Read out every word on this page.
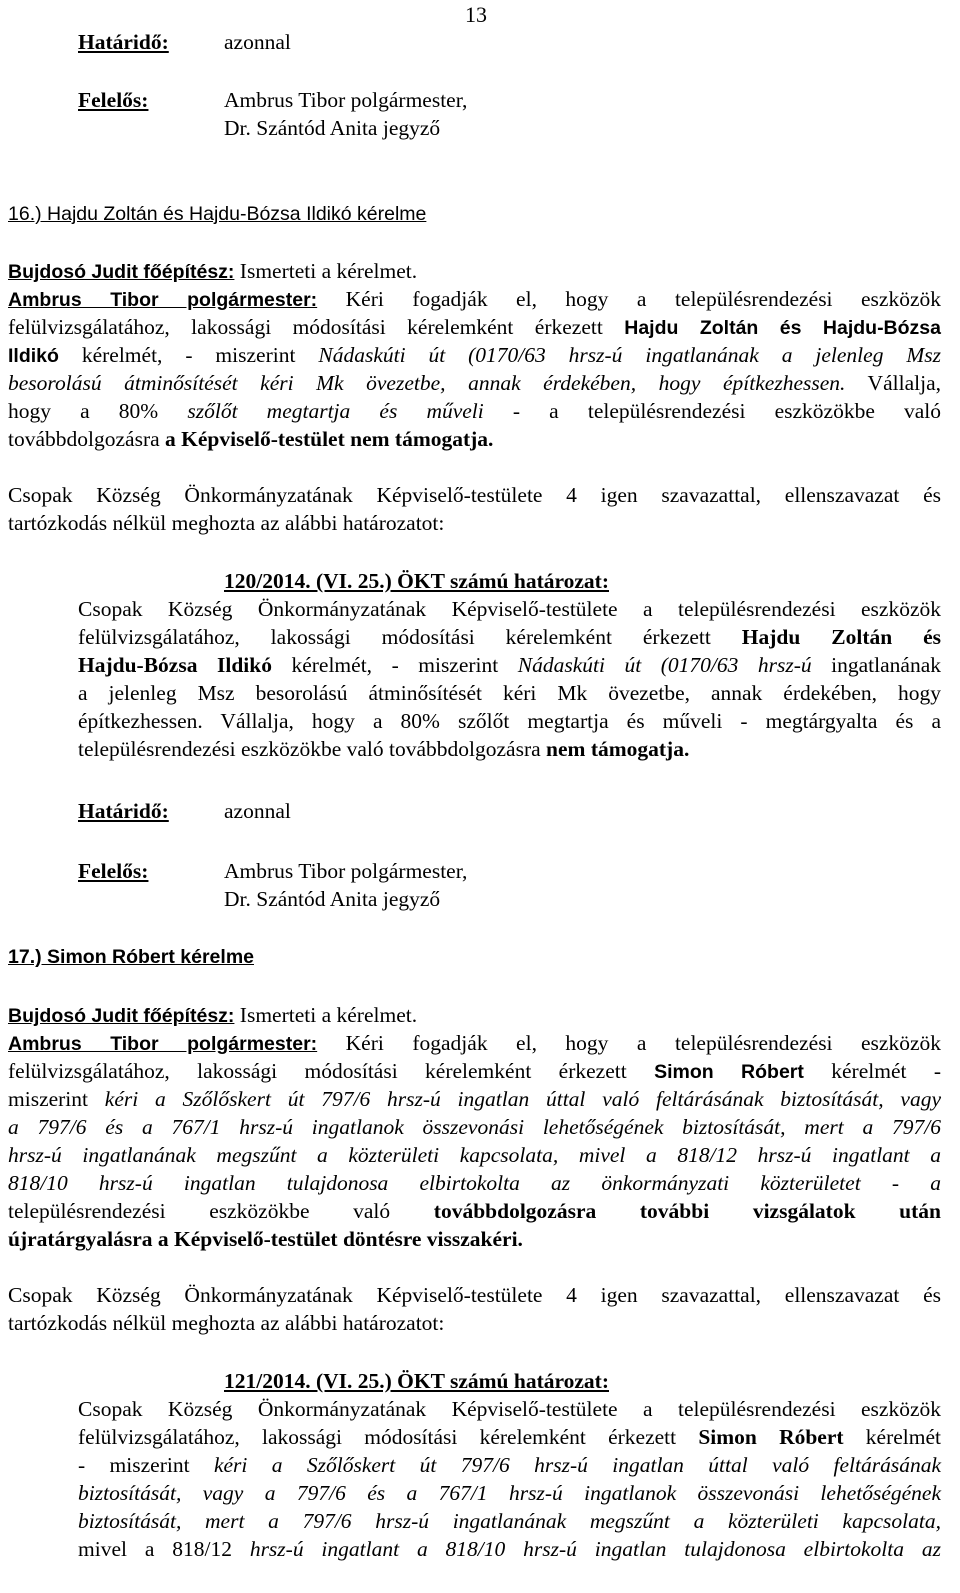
13
Határidő:	azonnal
Felelős:	Ambrus Tibor polgármester,
Dr. Szántód Anita jegyző
16.) Hajdu Zoltán és Hajdu-Bózsa Ildikó kérelme
Bujdosó Judit főépítész: Ismerteti a kérelmet.
Ambrus Tibor polgármester: Kéri fogadják el, hogy a településrendezési eszközök
felülvizsgálatához, lakossági módosítási kérelemként érkezett Hajdu Zoltán és Hajdu-Bózsa
Ildikó kérelmét, - miszerint Nádaskúti út (0170/63 hrsz-ú ingatlanának a jelenleg Msz
besorolású átminősítését kéri Mk övezetbe, annak érdekében, hogy építkezhessen. Vállalja,
hogy a 80% szőlőt megtartja és műveli - a településrendezési eszközökbe való
továbbdolgozásra a Képviselő-testület nem támogatja.
Csopak Község Önkormányzatának Képviselő-testülete 4 igen szavazattal, ellenszavazat és
tartózkodás nélkül meghozta az alábbi határozatot:
120/2014. (VI. 25.) ÖKT számú határozat:
Csopak Község Önkormányzatának Képviselő-testülete a településrendezési eszközök
felülvizsgálatához, lakossági módosítási kérelemként érkezett Hajdu Zoltán és
Hajdu-Bózsa Ildikó kérelmét, - miszerint Nádaskúti út (0170/63 hrsz-ú ingatlanának
a jelenleg Msz besorolású átminősítését kéri Mk övezetbe, annak érdekében, hogy
építkezhessen. Vállalja, hogy a 80% szőlőt megtartja és műveli - megtárgyalta és a
településrendezési eszközökbe való továbbdolgozásra nem támogatja.
Határidő:	azonnal
Felelős:	Ambrus Tibor polgármester,
Dr. Szántód Anita jegyző
17.) Simon Róbert kérelme
Bujdosó Judit főépítész: Ismerteti a kérelmet.
Ambrus Tibor polgármester: Kéri fogadják el, hogy a településrendezési eszközök
felülvizsgálatához, lakossági módosítási kérelemként érkezett Simon Róbert kérelmét -
miszerint kéri a Szőlőskert út 797/6 hrsz-ú ingatlan úttal való feltárásának biztosítását, vagy
a 797/6 és a 767/1 hrsz-ú ingatlanok összevonási lehetőségének biztosítását, mert a 797/6
hrsz-ú ingatlanának megszűnt a közterületi kapcsolata, mivel a 818/12 hrsz-ú ingatlant a
818/10 hrsz-ú ingatlan tulajdonosa elbirtokolta az önkormányzati közterületet - a
településrendezési eszközökbe való továbbdolgozásra további vizsgálatok után
újratárgyalásra a Képviselő-testület döntésre visszakéri.
Csopak Község Önkormányzatának Képviselő-testülete 4 igen szavazattal, ellenszavazat és
tartózkodás nélkül meghozta az alábbi határozatot:
121/2014. (VI. 25.) ÖKT számú határozat:
Csopak Község Önkormányzatának Képviselő-testülete a településrendezési eszközök
felülvizsgálatához, lakossági módosítási kérelemként érkezett Simon Róbert kérelmét
- miszerint kéri a Szőlőskert út 797/6 hrsz-ú ingatlan úttal való feltárásának
biztosítását, vagy a 797/6 és a 767/1 hrsz-ú ingatlanok összevonási lehetőségének
biztosítását, mert a 797/6 hrsz-ú ingatlanának megszűnt a közterületi kapcsolata,
mivel a 818/12 hrsz-ú ingatlant a 818/10 hrsz-ú ingatlan tulajdonosa elbirtokolta az
